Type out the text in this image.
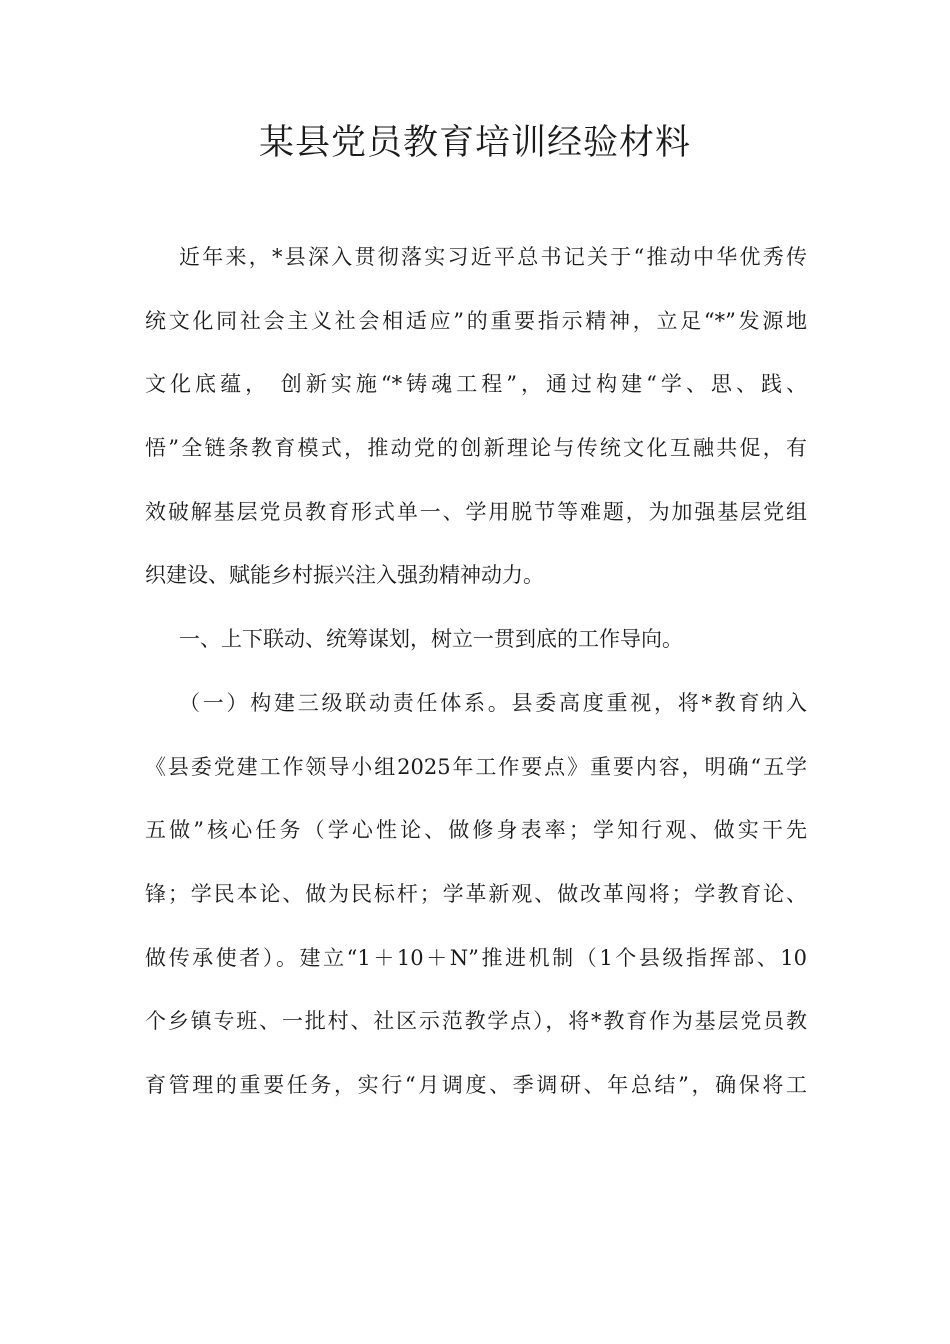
某县党员教育培训经验材料
近年来，*县深入贯彻落实习近平总书记关于“推动中华优秀传
统文化同社会主义社会相适应”的重要指示精神，立足“*”发源地
文化底蕴， 创新实施“*铸魂工程”，通过构建“学、思、践、
悟”全链条教育模式，推动党的创新理论与传统文化互融共促，有
效破解基层党员教育形式单一、学用脱节等难题，为加强基层党组
织建设、赋能乡村振兴注入强劲精神动力。
一、上下联动、统筹谋划，树立一贯到底的工作导向。
（一）构建三级联动责任体系。县委高度重视，将*教育纳入
《县委党建工作领导小组2025年工作要点》重要内容，明确“五学
五做”核心任务（学心性论、做修身表率；学知行观、做实干先
锋；学民本论、做为民标杆；学革新观、做改革闯将；学教育论、
做传承使者）。建立“1＋10＋N”推进机制（1个县级指挥部、10
个乡镇专班、一批村、社区示范教学点），将*教育作为基层党员教
育管理的重要任务，实行“月调度、季调研、年总结”，确保将工
